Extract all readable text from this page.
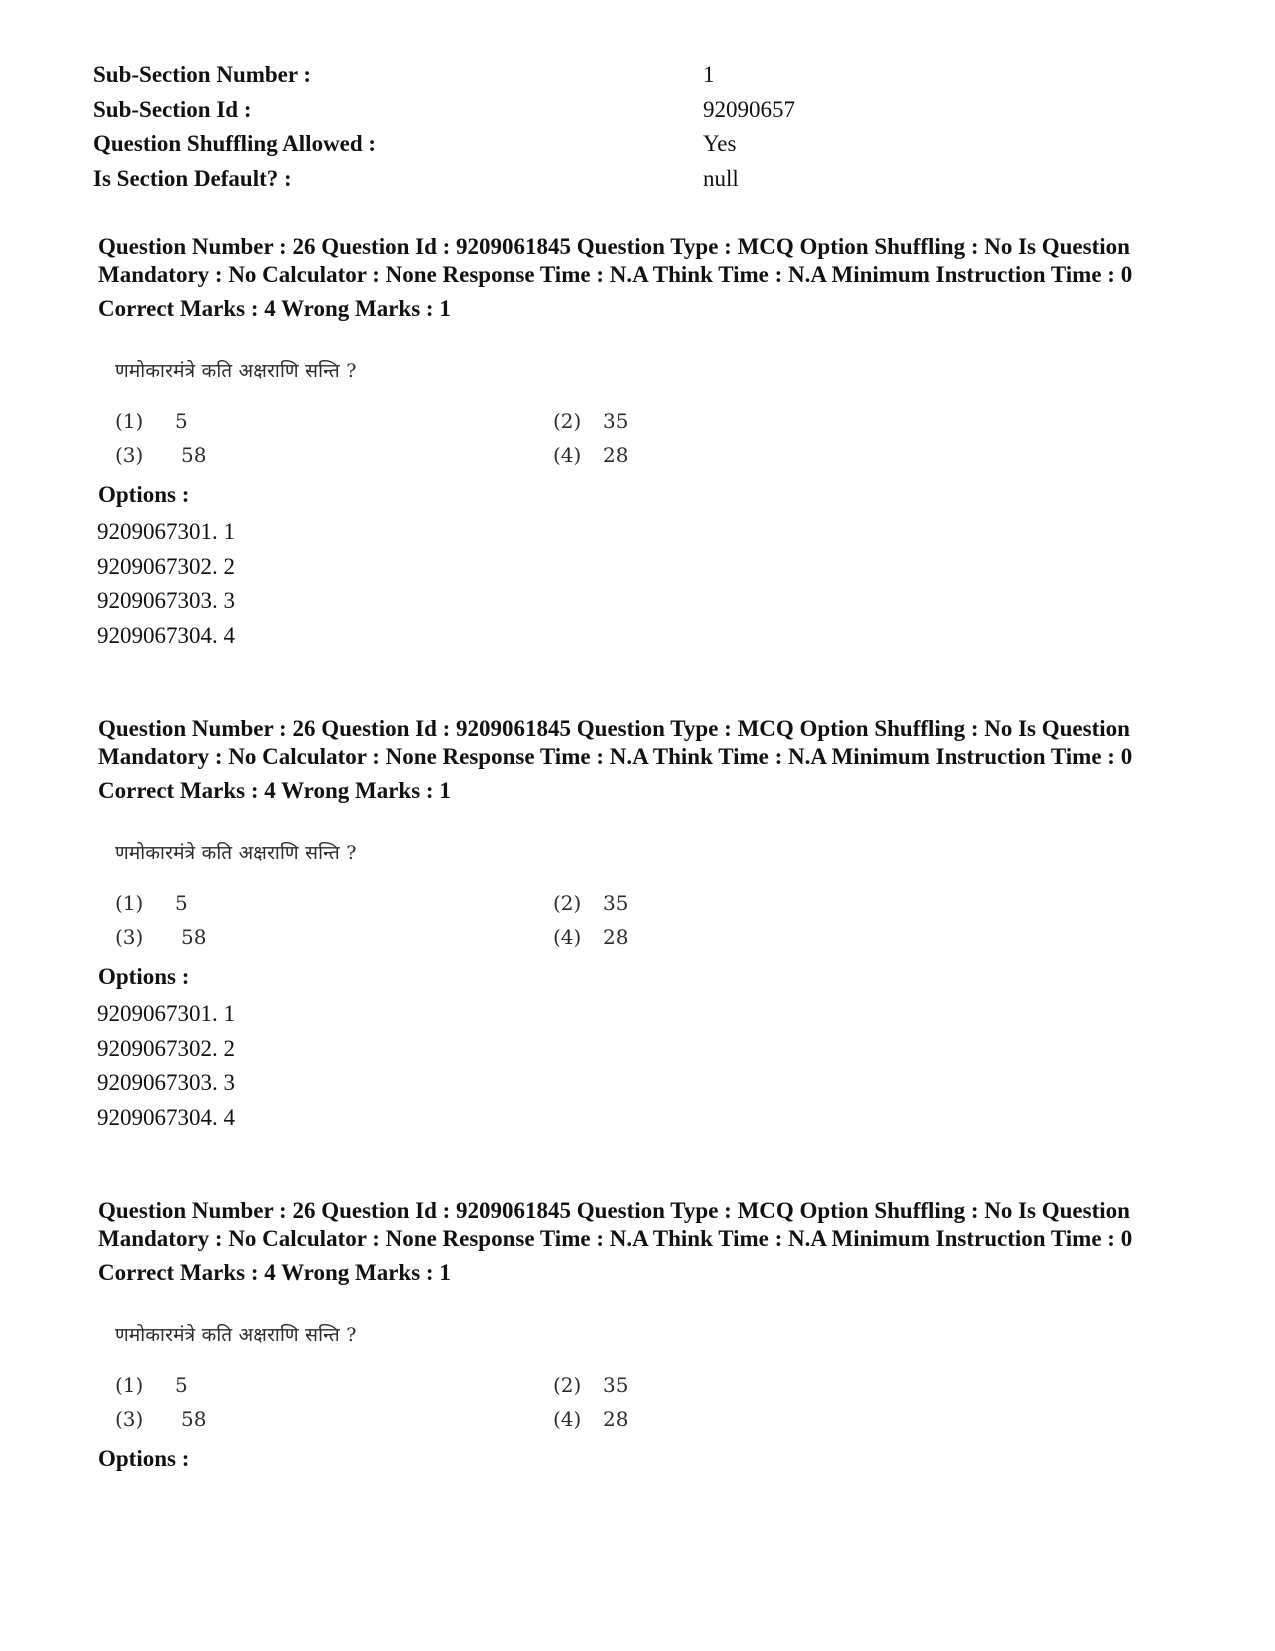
Sub-Section Number :	1
Sub-Section Id :	92090657
Question Shuffling Allowed :	Yes
Is Section Default? :	null

Question Number : 26 Question Id : 9209061845 Question Type : MCQ Option Shuffling : No Is Question Mandatory : No Calculator : None Response Time : N.A Think Time : N.A Minimum Instruction Time : 0

Correct Marks : 4 Wrong Marks : 1
णमोकारमंत्रे कति अक्षराणि सन्ति ?
(1) 5	(2) 35
(3) 58	(4) 28
Options :
9209067301. 1
9209067302. 2
9209067303. 3
9209067304. 4

Question Number : 26 Question Id : 9209061845 Question Type : MCQ Option Shuffling : No Is Question Mandatory : No Calculator : None Response Time : N.A Think Time : N.A Minimum Instruction Time : 0

Correct Marks : 4 Wrong Marks : 1
णमोकारमंत्रे कति अक्षराणि सन्ति ?
(1) 5	(2) 35
(3) 58	(4) 28
Options :
9209067301. 1
9209067302. 2
9209067303. 3
9209067304. 4

Question Number : 26 Question Id : 9209061845 Question Type : MCQ Option Shuffling : No Is Question Mandatory : No Calculator : None Response Time : N.A Think Time : N.A Minimum Instruction Time : 0

Correct Marks : 4 Wrong Marks : 1
णमोकारमंत्रे कति अक्षराणि सन्ति ?
(1) 5	(2) 35
(3) 58	(4) 28
Options :
